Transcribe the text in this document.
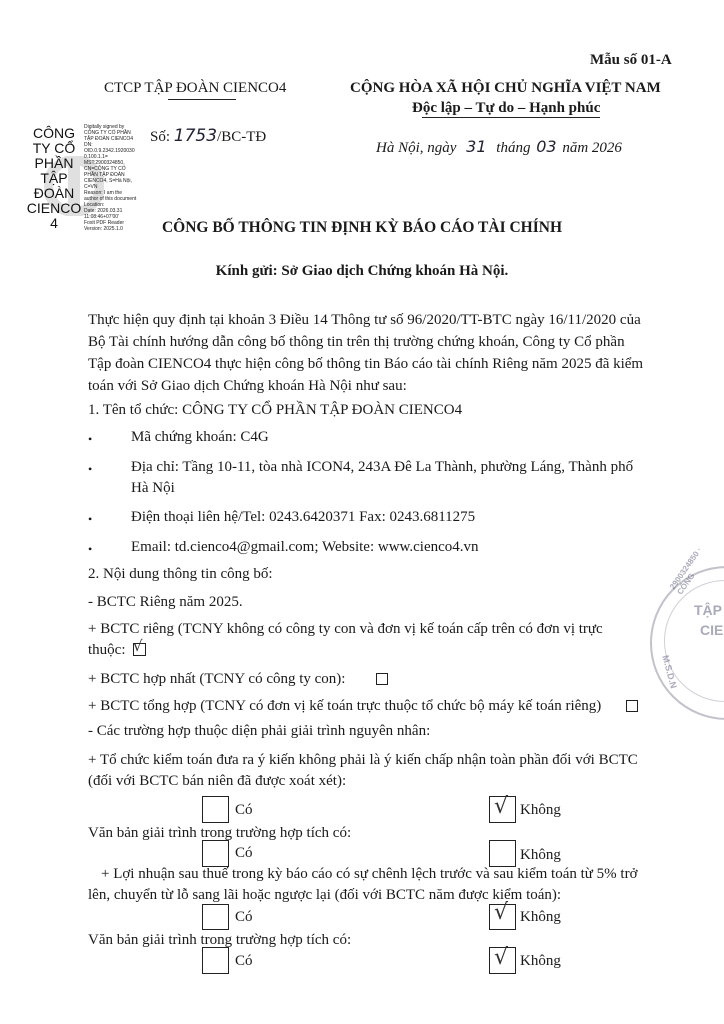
Mẫu số 01-A
CTCP TẬP ĐOÀN CIENCO4	CỘNG HÒA XÃ HỘI CHỦ NGHĨA VIỆT NAM
Độc lập – Tự do – Hạnh phúc
CÔNG
TY CỔ
PHẦN
TẬP
ĐOÀN
CIENCO
4
Digitally signed by
CÔNG TY CỔ PHẦN
TẬP ĐOÀN CIENCO4
DN:
OID.0.9.2342.1920030
0.100.1.1=
MST:2900324850,
CN=CÔNG TY CỔ
PHẦN TẬP ĐOÀN
CIENCO4, S=Hà Nội,
C=VN
Reason: I am the
author of this document
Location:
Date: 2026.03.31
11:08:46+07'00'
Foxit PDF Reader
Version: 2025.1.0
Số: 1753/BC-TĐ
Hà Nội, ngày 31 tháng 03 năm 2026
CÔNG BỐ THÔNG TIN ĐỊNH KỲ BÁO CÁO TÀI CHÍNH
Kính gửi: Sở Giao dịch Chứng khoán Hà Nội.
Thực hiện quy định tại khoản 3 Điều 14 Thông tư số 96/2020/TT-BTC ngày 16/11/2020 của
Bộ Tài chính hướng dẫn công bố thông tin trên thị trường chứng khoán, Công ty Cổ phần
Tập đoàn CIENCO4 thực hiện công bố thông tin Báo cáo tài chính Riêng năm 2025 đã kiểm
toán với Sở Giao dịch Chứng khoán Hà Nội như sau:
1. Tên tổ chức: CÔNG TY CỔ PHẦN TẬP ĐOÀN CIENCO4
•	Mã chứng khoán: C4G
•	Địa chỉ: Tầng 10-11, tòa nhà ICON4, 243A Đê La Thành, phường Láng, Thành phố
Hà Nội
•	Điện thoại liên hệ/Tel: 0243.6420371 Fax: 0243.6811275
•	Email: td.cienco4@gmail.com; Website: www.cienco4.vn
2. Nội dung thông tin công bố:
- BCTC Riêng năm 2025.
+ BCTC riêng (TCNY không có công ty con và đơn vị kế toán cấp trên có đơn vị trực
thuộc: √
+ BCTC hợp nhất (TCNY có công ty con):
+ BCTC tổng hợp (TCNY có đơn vị kế toán trực thuộc tổ chức bộ máy kế toán riêng)
- Các trường hợp thuộc diện phải giải trình nguyên nhân:
+ Tổ chức kiểm toán đưa ra ý kiến không phải là ý kiến chấp nhận toàn phần đối với BCTC
(đối với BCTC bán niên đã được xoát xét):
Có	√ Không
Văn bản giải trình trong trường hợp tích có:
Có	Không
+ Lợi nhuận sau thuế trong kỳ báo cáo có sự chênh lệch trước và sau kiểm toán từ 5% trở
lên, chuyển từ lỗ sang lãi hoặc ngược lại (đối với BCTC năm được kiểm toán):
Có	√ Không
Văn bản giải trình trong trường hợp tích có:
Có	√ Không
2900324850 · CÔNG
M.S.D.N
TẬP
CIE
